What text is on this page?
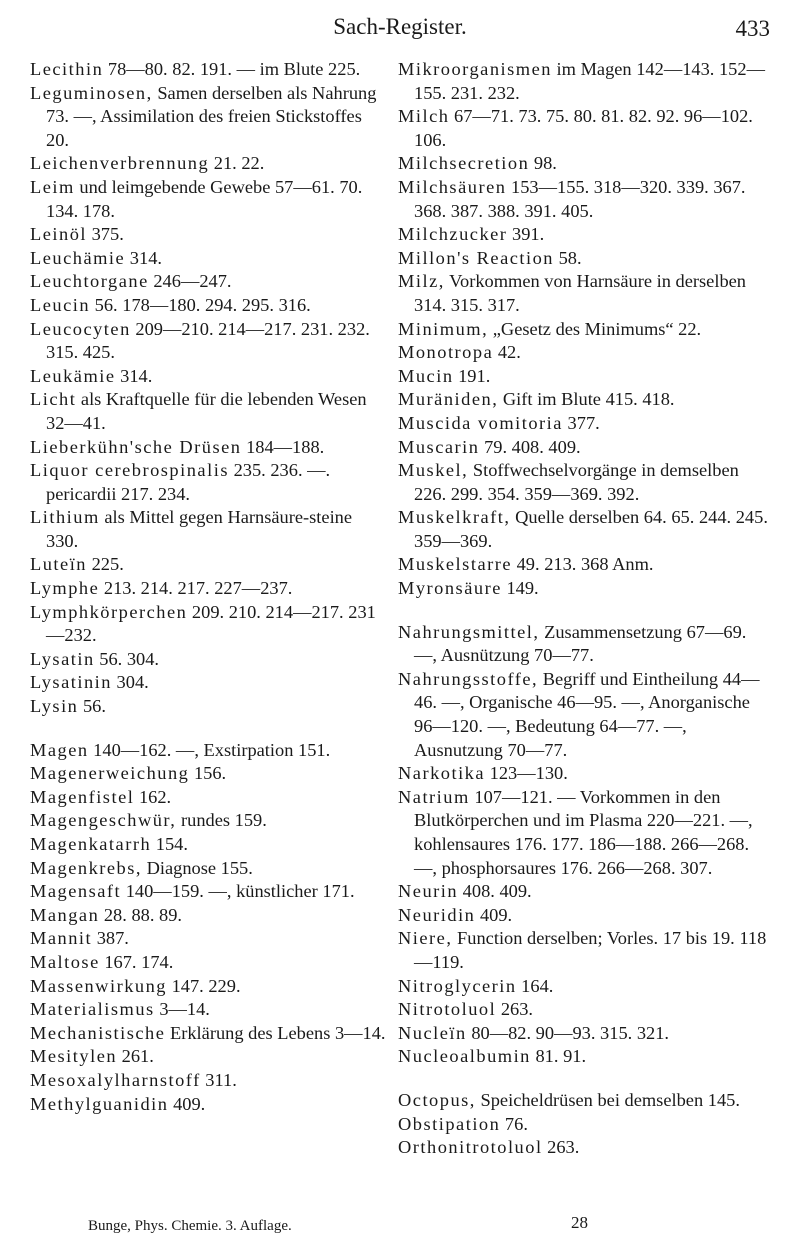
Sach-Register.	433

Lecithin 78—80. 82. 191. — im Blute 225.

Leguminosen, Samen derselben als Nahrung 73. —, Assimilation des freien Stickstoffes 20.

Leichenverbrennung 21. 22.

Leim und leimgebende Gewebe 57—61. 70. 134. 178.

Leinöl 375.

Leuchämie 314.

Leuchtorgane 246—247.

Leucin 56. 178—180. 294. 295. 316.

Leucocyten 209—210. 214—217. 231. 232. 315. 425.

Leukämie 314.

Licht als Kraftquelle für die lebenden Wesen 32—41.

Lieberkühn'sche Drüsen 184—188.

Liquor cerebrospinalis 235. 236. —. pericardii 217. 234.

Lithium als Mittel gegen Harnsäure-steine 330.

Luteïn 225.

Lymphe 213. 214. 217. 227—237.

Lymphkörperchen 209. 210. 214—217. 231—232.

Lysatin 56. 304.

Lysatinin 304.

Lysin 56.

Magen 140—162. —, Exstirpation 151.

Magenerweichung 156.

Magenfistel 162.

Magengeschwür, rundes 159.

Magenkatarrh 154.

Magenkrebs, Diagnose 155.

Magensaft 140—159. —, künstlicher 171.

Mangan 28. 88. 89.

Mannit 387.

Maltose 167. 174.

Massenwirkung 147. 229.

Materialismus 3—14.

Mechanistische Erklärung des Lebens 3—14.

Mesitylen 261.

Mesoxalylharnstoff 311.

Methylguanidin 409.

Mikroorganismen im Magen 142—143. 152—155. 231. 232.

Milch 67—71. 73. 75. 80. 81. 82. 92. 96—102. 106.

Milchsecretion 98.

Milchsäuren 153—155. 318—320. 339. 367. 368. 387. 388. 391. 405.

Milchzucker 391.

Millon's Reaction 58.

Milz, Vorkommen von Harnsäure in derselben 314. 315. 317.

Minimum, „Gesetz des Minimums“ 22.

Monotropa 42.

Mucin 191.

Muräniden, Gift im Blute 415. 418.

Muscida vomitoria 377.

Muscarin 79. 408. 409.

Muskel, Stoffwechselvorgänge in demselben 226. 299. 354. 359—369. 392.

Muskelkraft, Quelle derselben 64. 65. 244. 245. 359—369.

Muskelstarre 49. 213. 368 Anm.

Myronsäure 149.

Nahrungsmittel, Zusammensetzung 67—69. —, Ausnützung 70—77.

Nahrungsstoffe, Begriff und Eintheilung 44—46. —, Organische 46—95. —, Anorganische 96—120. —, Bedeutung 64—77. —, Ausnutzung 70—77.

Narkotika 123—130.

Natrium 107—121. — Vorkommen in den Blutkörperchen und im Plasma 220—221. —, kohlensaures 176. 177. 186—188. 266—268. —, phosphorsaures 176. 266—268. 307.

Neurin 408. 409.

Neuridin 409.

Niere, Function derselben; Vorles. 17 bis 19. 118—119.

Nitroglycerin 164.

Nitrotoluol 263.

Nucleïn 80—82. 90—93. 315. 321.

Nucleoalbumin 81. 91.

Octopus, Speicheldrüsen bei demselben 145.

Obstipation 76.

Orthonitrotoluol 263.

Bunge, Phys. Chemie. 3. Auflage.	28
